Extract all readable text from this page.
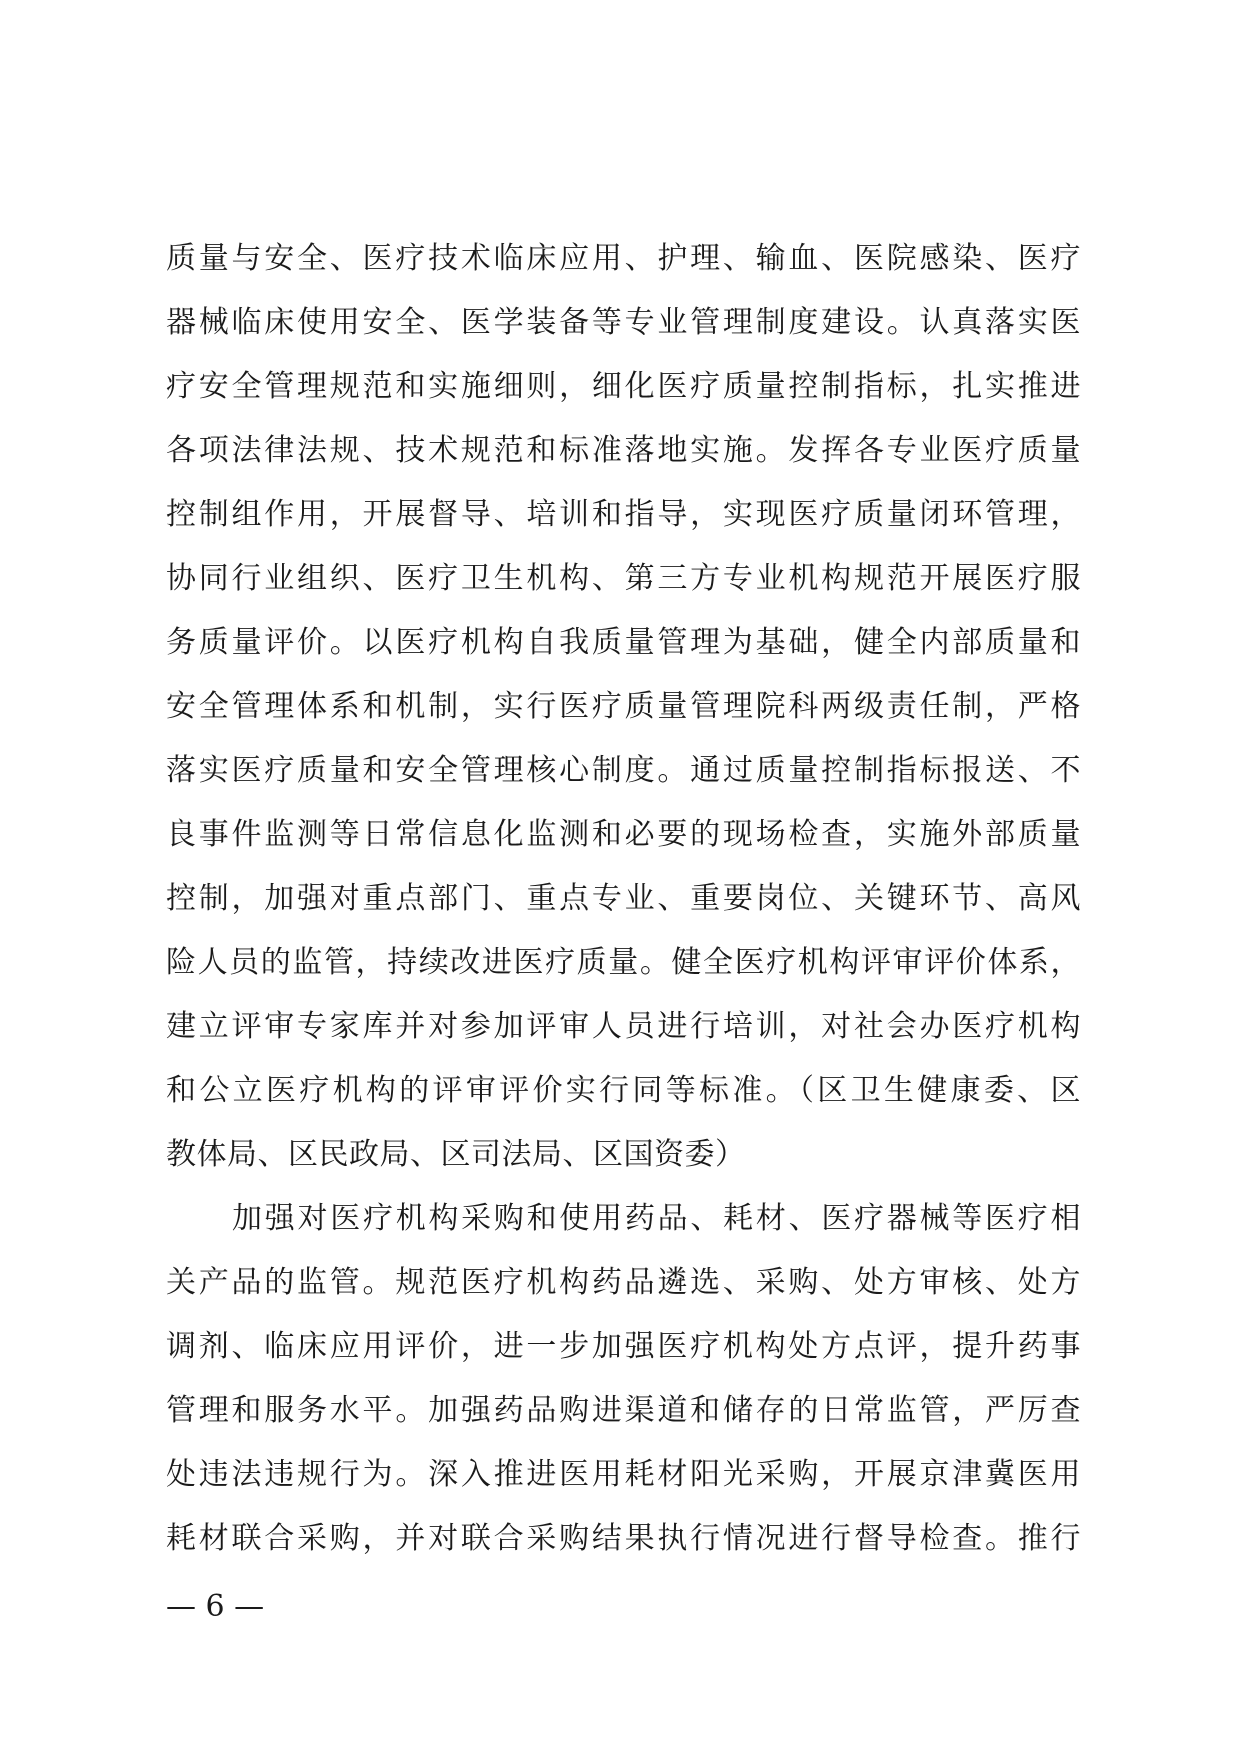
质量与安全、医疗技术临床应用、护理、输血、医院感染、医疗
器械临床使用安全、医学装备等专业管理制度建设。认真落实医
疗安全管理规范和实施细则，细化医疗质量控制指标，扎实推进
各项法律法规、技术规范和标准落地实施。发挥各专业医疗质量
控制组作用，开展督导、培训和指导，实现医疗质量闭环管理，
协同行业组织、医疗卫生机构、第三方专业机构规范开展医疗服
务质量评价。以医疗机构自我质量管理为基础，健全内部质量和
安全管理体系和机制，实行医疗质量管理院科两级责任制，严格
落实医疗质量和安全管理核心制度。通过质量控制指标报送、不
良事件监测等日常信息化监测和必要的现场检查，实施外部质量
控制，加强对重点部门、重点专业、重要岗位、关键环节、高风
险人员的监管，持续改进医疗质量。健全医疗机构评审评价体系，
建立评审专家库并对参加评审人员进行培训，对社会办医疗机构
和公立医疗机构的评审评价实行同等标准。（区卫生健康委、区
教体局、区民政局、区司法局、区国资委）
加强对医疗机构采购和使用药品、耗材、医疗器械等医疗相
关产品的监管。规范医疗机构药品遴选、采购、处方审核、处方
调剂、临床应用评价，进一步加强医疗机构处方点评，提升药事
管理和服务水平。加强药品购进渠道和储存的日常监管，严厉查
处违法违规行为。深入推进医用耗材阳光采购，开展京津冀医用
耗材联合采购，并对联合采购结果执行情况进行督导检查。推行
— 6 —
